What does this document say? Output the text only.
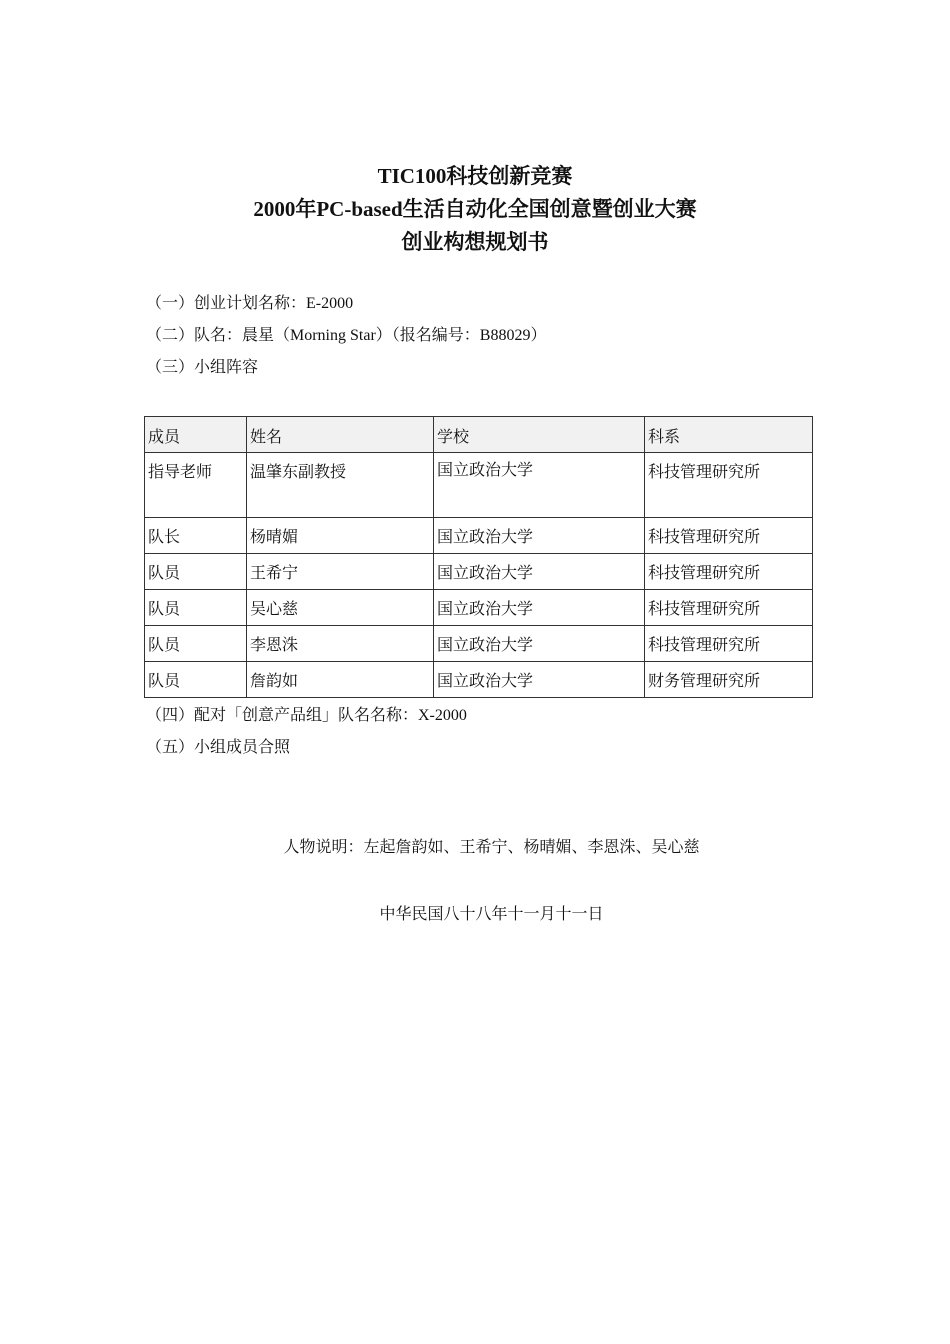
TIC100科技创新竞赛
2000年PC-based生活自动化全国创意暨创业大赛
创业构想规划书
（一）创业计划名称：E-2000
（二）队名：晨星（Morning Star）（报名编号：B88029）
（三）小组阵容
成员	姓名	学校	科系
指导老师	温肇东副教授	国立政治大学	科技管理研究所
队长	杨晴媚	国立政治大学	科技管理研究所
队员	王希宁	国立政治大学	科技管理研究所
队员	吴心慈	国立政治大学	科技管理研究所
队员	李恩洙	国立政治大学	科技管理研究所
队员	詹韵如	国立政治大学	财务管理研究所
（四）配对「创意产品组」队名名称：X-2000
（五）小组成员合照
人物说明：左起詹韵如、王希宁、杨晴媚、李恩洙、吴心慈
中华民国八十八年十一月十一日
